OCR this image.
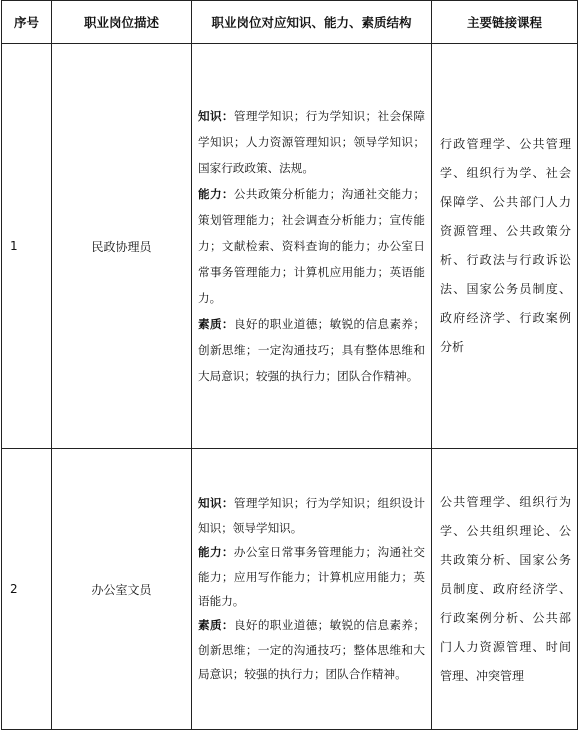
序号	职业岗位描述	职业岗位对应知识、能力、素质结构	主要链接课程
1	民政协理员	知识：管理学知识；行为学知识；社会保障学知识；人力资源管理知识；领导学知识；国家行政政策、法规。

能力：公共政策分析能力；沟通社交能力；策划管理能力；社会调查分析能力；宣传能力；文献检索、资料查询的能力；办公室日常事务管理能力；计算机应用能力；英语能力。

素质：良好的职业道德；敏锐的信息素养；创新思维；一定沟通技巧；具有整体思维和大局意识；较强的执行力；团队合作精神。	行政管理学、公共管理学、组织行为学、社会保障学、公共部门人力资源管理、公共政策分析、行政法与行政诉讼法、国家公务员制度、政府经济学、行政案例分析
2	办公室文员	知识：管理学知识；行为学知识；组织设计知识；领导学知识。

能力：办公室日常事务管理能力；沟通社交能力；应用写作能力；计算机应用能力；英语能力。

素质：良好的职业道德；敏锐的信息素养；创新思维；一定的沟通技巧；整体思维和大局意识；较强的执行力；团队合作精神。	公共管理学、组织行为学、公共组织理论、公共政策分析、国家公务员制度、政府经济学、行政案例分析、公共部门人力资源管理、时间管理、冲突管理
